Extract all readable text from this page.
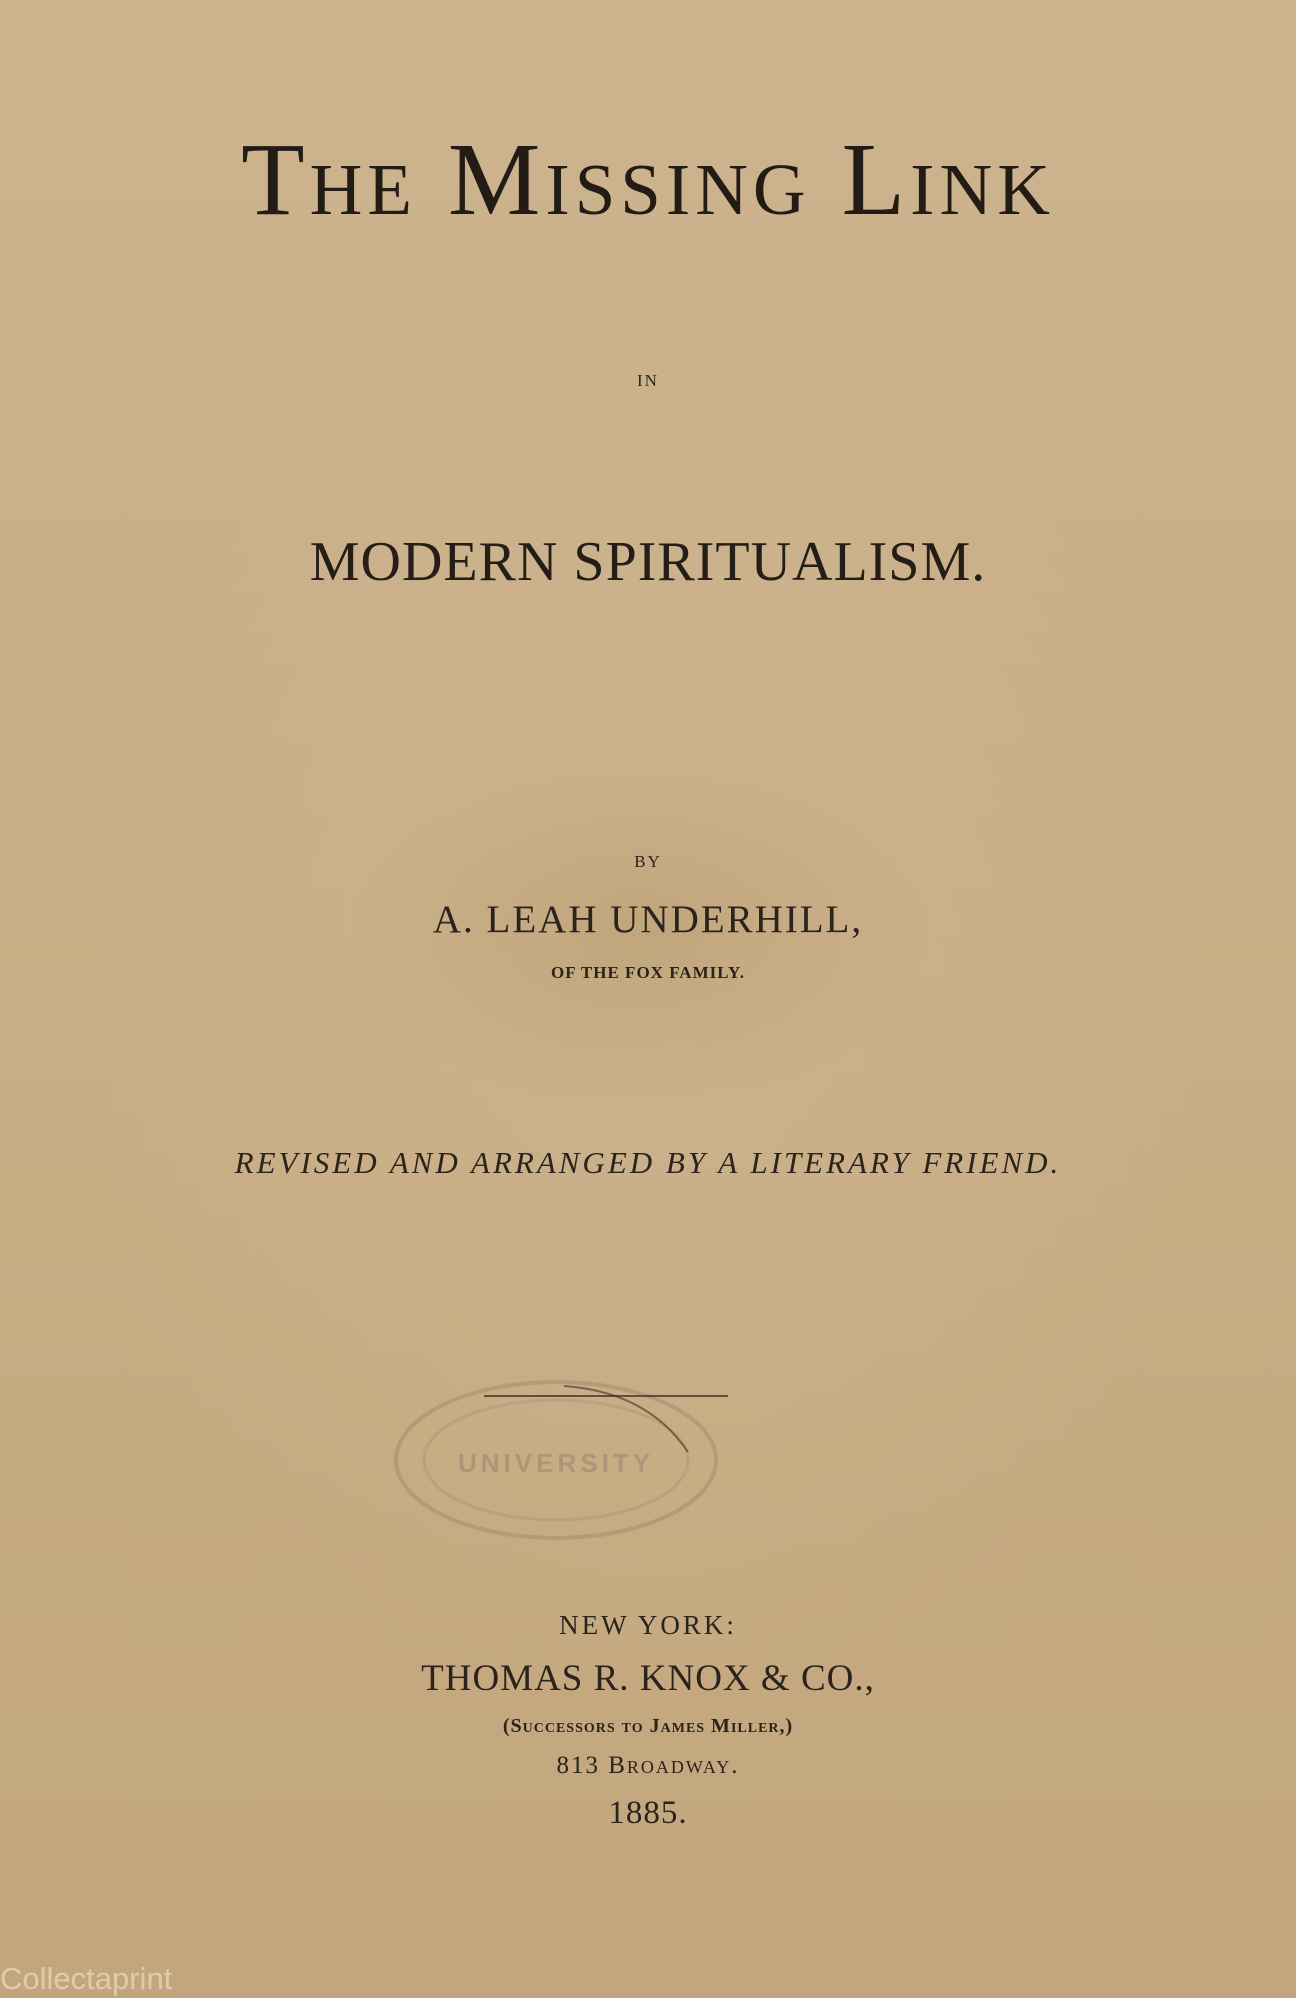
The Missing Link
IN
MODERN SPIRITUALISM.
BY
A. LEAH UNDERHILL,
OF THE FOX FAMILY.
REVISED AND ARRANGED BY A LITERARY FRIEND.
UNIVERSITY
NEW YORK:
THOMAS R. KNOX & CO.,
(Successors to James Miller,)
813 Broadway.
1885.
Collectaprint
